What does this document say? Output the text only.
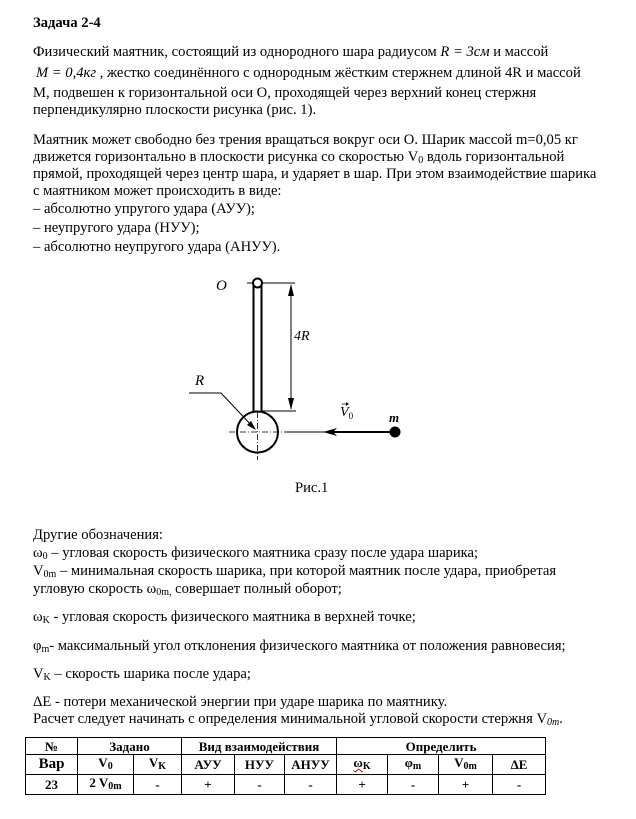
Задача 2-4
Физический маятник, состоящий из однородного шара радиусом R = 3см и массой
M = 0,4кг , жестко соединённого с однородным жёстким стержнем длиной 4R и массой
M, подвешен к горизонтальной оси O, проходящей через верхний конец стержня
перпендикулярно плоскости рисунка (рис. 1).
Маятник может свободно без трения вращаться вокруг оси O. Шарик массой m=0,05 кг
движется горизонтально в плоскости рисунка со скоростью $V_0$ вдоль горизонтальной
прямой, проходящей через центр шара, и ударяет в шар. При этом взаимодействие шарика
с маятником может происходить в виде:
– абсолютно упругого удара (АУУ);
– неупругого удара (НУУ);
– абсолютно неупругого удара (АНУУ).
O
4R
R
$V_0$	m
Рис.1
Другие обозначения:
$\omega_0$ – угловая скорость физического маятника сразу после удара шарика;
$V_{0m}$ – минимальная скорость шарика, при которой маятник после удара, приобретая
угловую скорость $\omega_{0m,}$ совершает полный оборот;
$\omega_K$ - угловая скорость физического маятника в верхней точке;
$\varphi_m-$ максимальный угол отклонения физического маятника от положения равновесия;
$V_K$ – скорость шарика после удара;
ΔE - потери механической энергии при ударе шарика по маятнику.
Расчет следует начинать с определения минимальной угловой скорости стержня $V_{0m}$.
№	Задано		Вид взаимодействия			Определить			
Вар	$V_0$	$V_K$	АУУ	НУУ	АНУУ	$\omega_K$	$\varphi_m$	$V_{0m}$	ΔE
23	2 $V_{0m}$	-	+	-	-	+	-	+	-
